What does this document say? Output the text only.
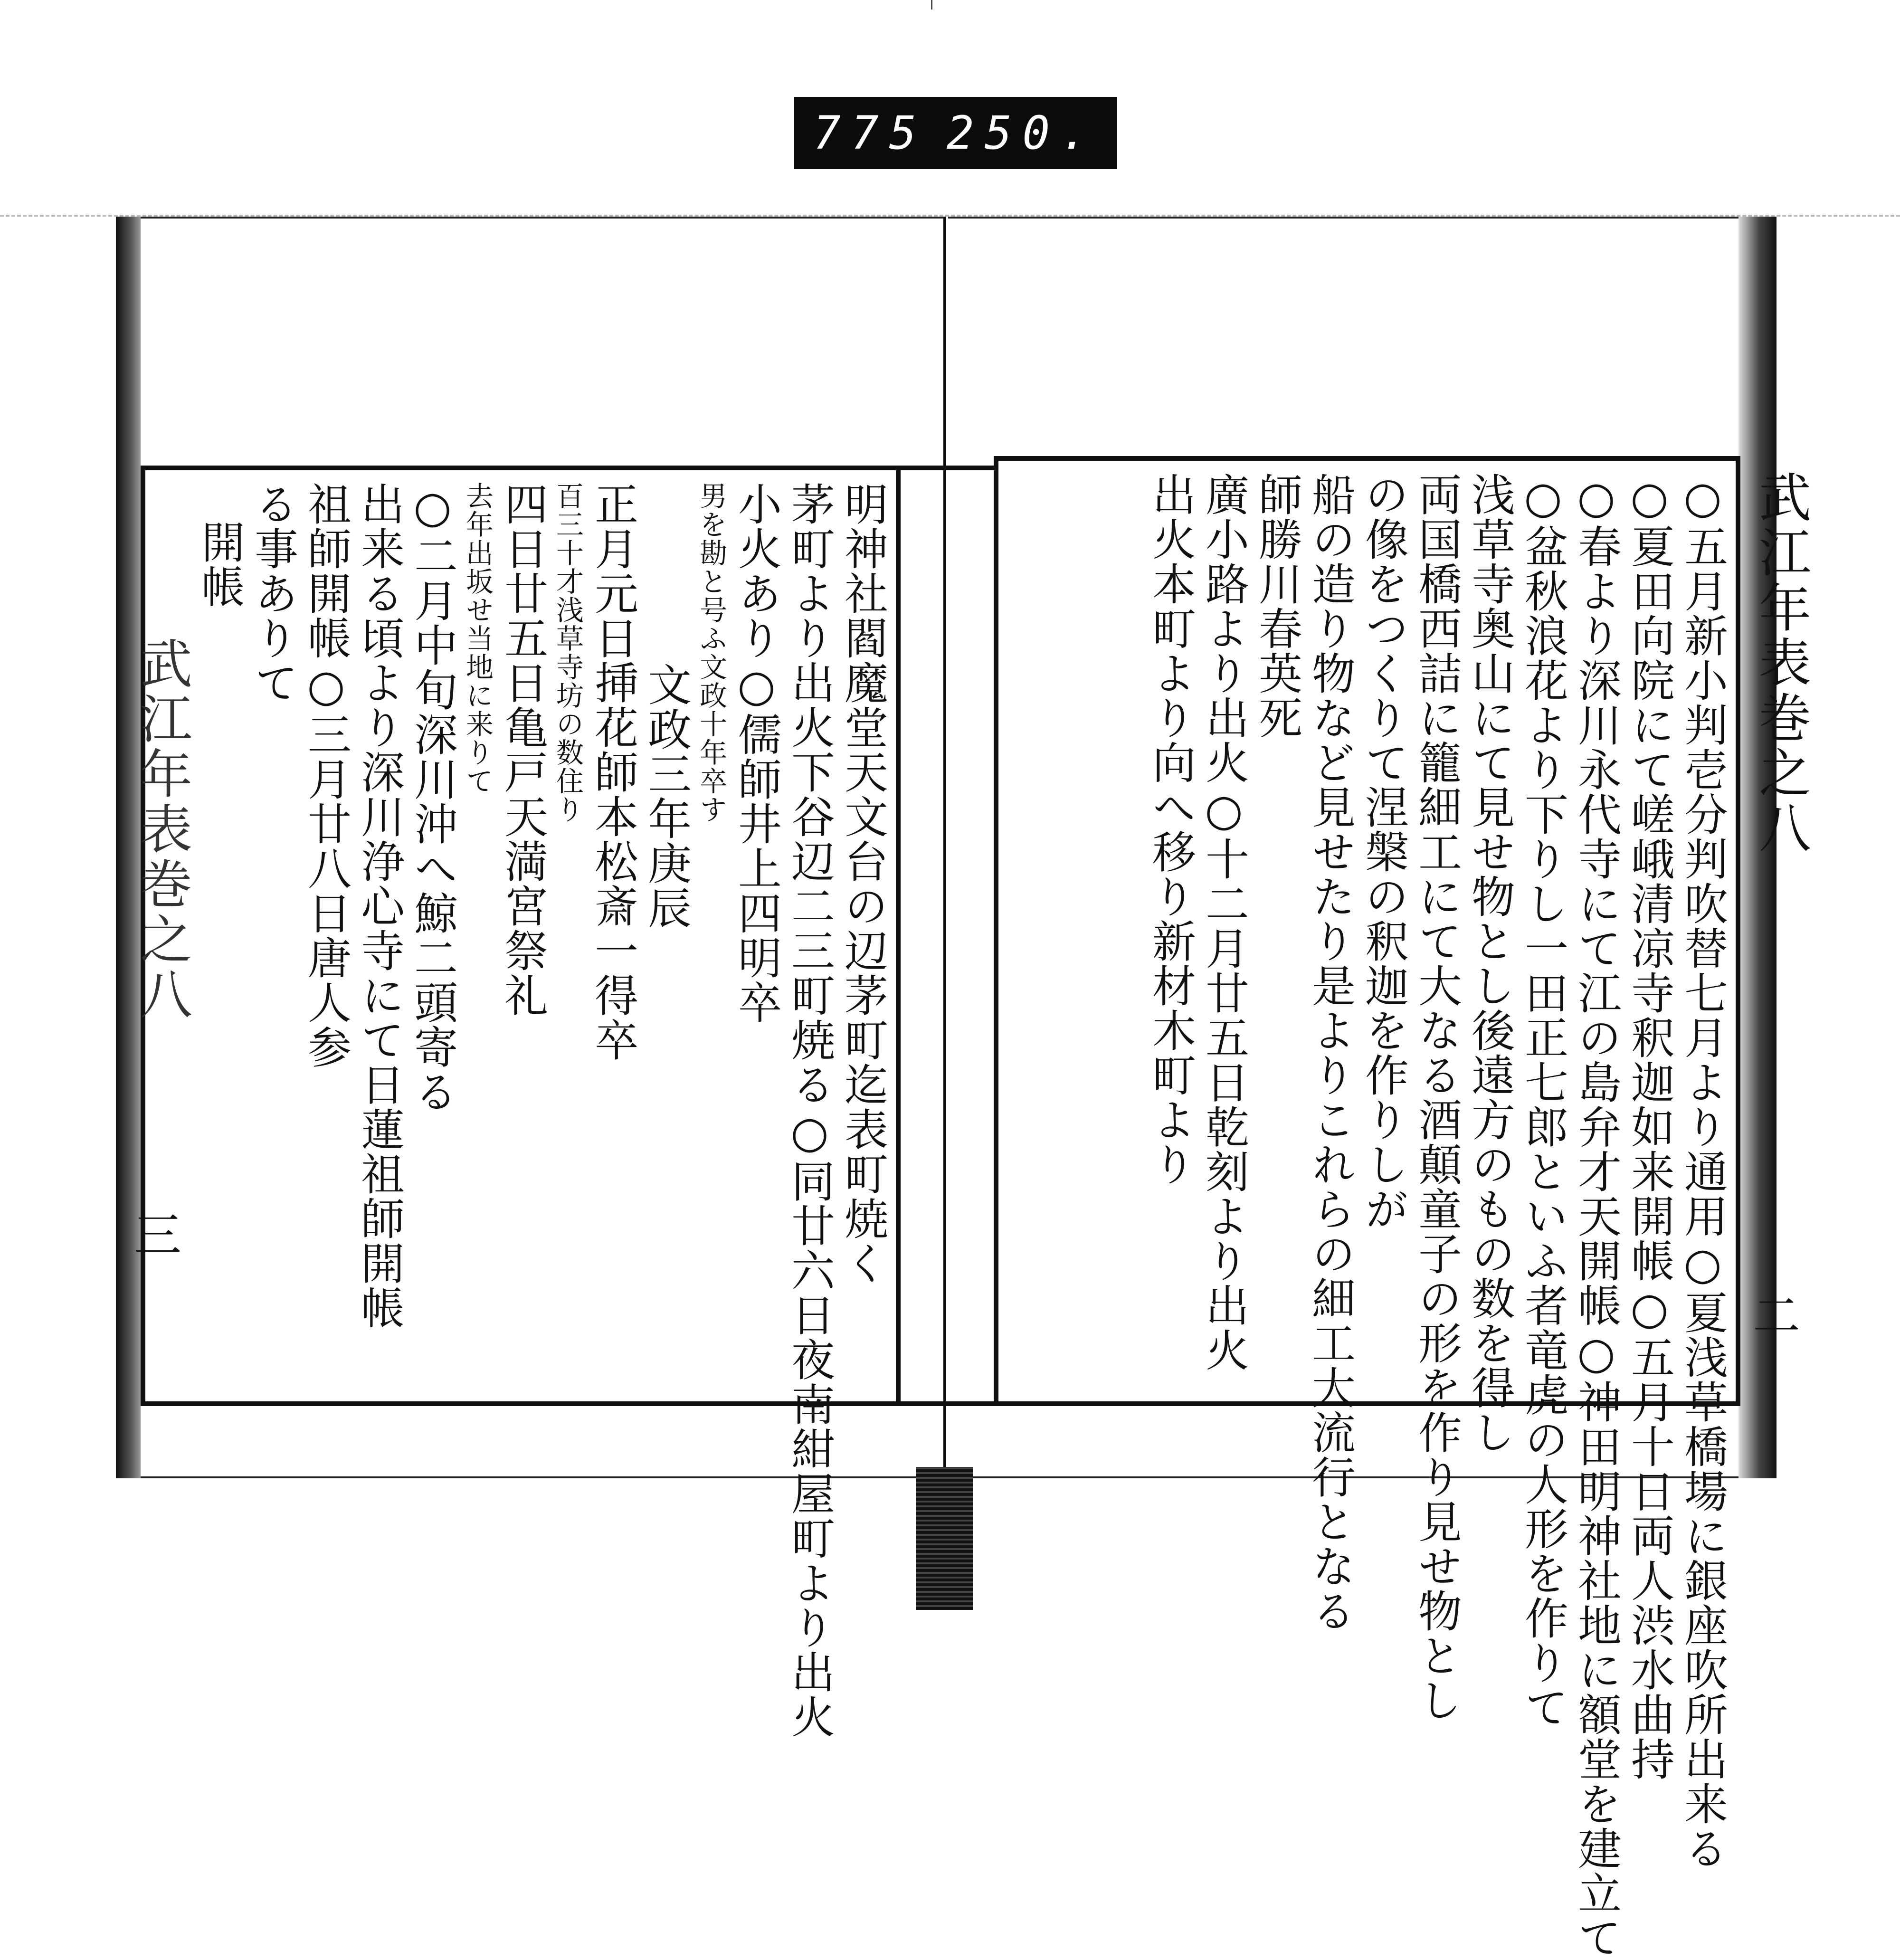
775 250.
○五月新小判壱分判吹替七月より通用○夏浅草橋場に銀座吹所出来る
○夏田向院にて嵯峨清凉寺釈迦如来開帳○五月十日両人渋水曲持
○春より深川永代寺にて江の島弁才天開帳○神田明神社地に額堂を建立て
○盆秋浪花より下りし一田正七郎といふ者竜虎の人形を作りて
浅草寺奥山にて見せ物とし後遠方のもの数を得し
両国橋西詰に籠細工にて大なる酒顛童子の形を作り見せ物とし
の像をつくりて涅槃の釈迦を作りしが
船の造り物など見せたり是よりこれらの細工大流行となる
師勝川春英死
廣小路より出火○十二月廿五日乾刻より出火
出火本町より向へ移り新材木町より
明神社閻魔堂天文台の辺茅町迄表町焼く
茅町より出火下谷辺二三町焼る○同廿六日夜南紺屋町より出火
小火あり○儒師井上四明卒
男を勘と号ふ文政十年卒す
文政三年庚辰
正月元日挿花師本松斎一得卒
百三十才浅草寺坊の数住り
四日廿五日亀戸天満宮祭礼
去年出坂せ当地に来りて
○二月中旬深川沖へ鯨二頭寄る
出来る頃より深川浄心寺にて日蓮祖師開帳
祖師開帳○三月廿八日唐人参
る事ありて
開帳	武江年表巻之八
二
武江年表巻之八
三
